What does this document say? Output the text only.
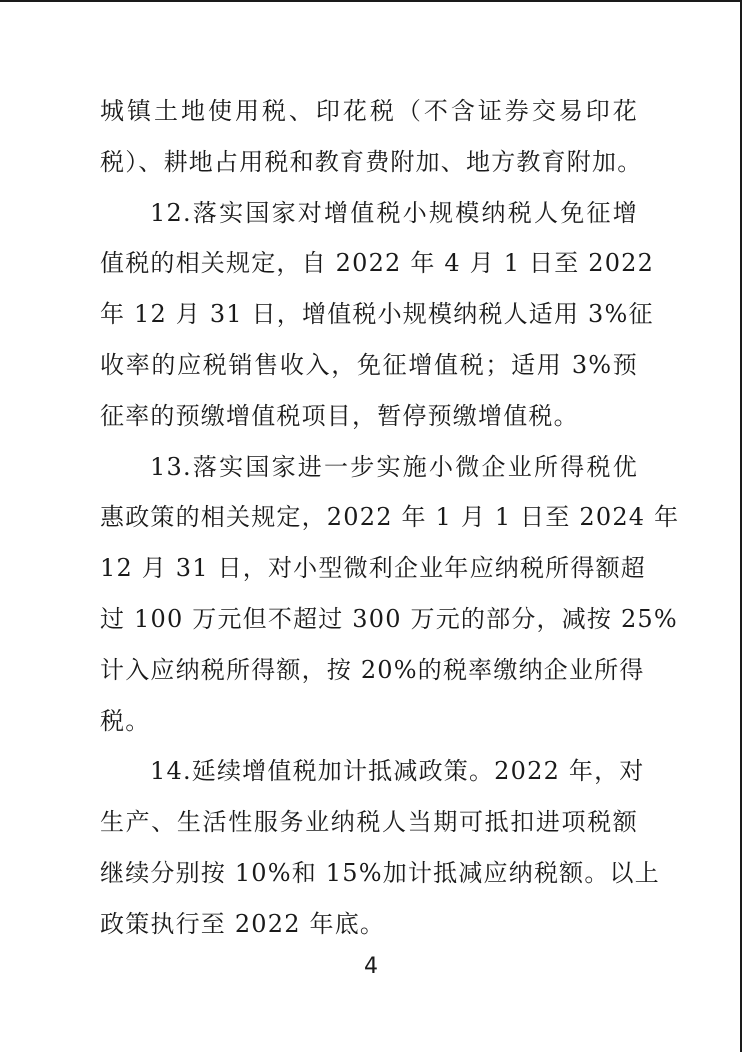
城镇土地使用税、印花税（不含证券交易印花
税）、耕地占用税和教育费附加、地方教育附加。
12.落实国家对增值税小规模纳税人免征增
值税的相关规定，自 2022 年 4 月 1 日至 2022
年 12 月 31 日，增值税小规模纳税人适用 3%征
收率的应税销售收入，免征增值税；适用 3%预
征率的预缴增值税项目，暂停预缴增值税。
13.落实国家进一步实施小微企业所得税优
惠政策的相关规定，2022 年 1 月 1 日至 2024 年
12 月 31 日，对小型微利企业年应纳税所得额超
过 100 万元但不超过 300 万元的部分，减按 25%
计入应纳税所得额，按 20%的税率缴纳企业所得
税。
14.延续增值税加计抵减政策。2022 年，对
生产、生活性服务业纳税人当期可抵扣进项税额
继续分别按 10%和 15%加计抵减应纳税额。以上
政策执行至 2022 年底。
4
